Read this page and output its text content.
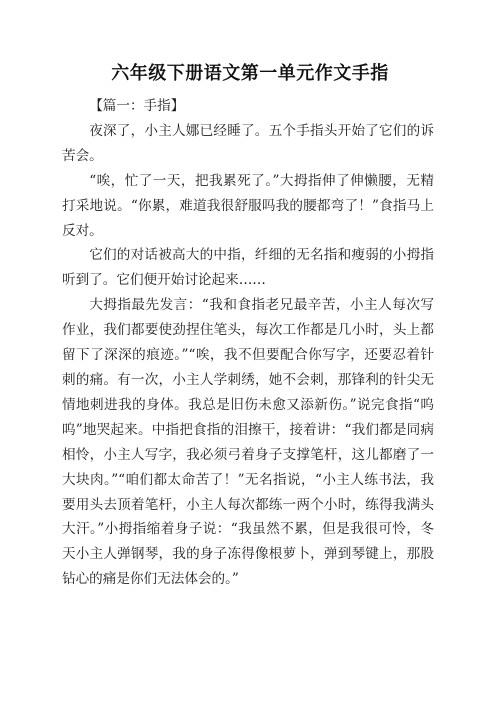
六年级下册语文第一单元作文手指

【篇一：手指】

夜深了，小主人娜已经睡了。五个手指头开始了它们的诉苦会。

“唉，忙了一天，把我累死了。”大拇指伸了伸懒腰，无精打采地说。“你累，难道我很舒服吗我的腰都弯了！”食指马上反对。

它们的对话被高大的中指，纤细的无名指和瘦弱的小拇指听到了。它们便开始讨论起来……

大拇指最先发言：“我和食指老兄最辛苦，小主人每次写作业，我们都要使劲捏住笔头，每次工作都是几小时，头上都留下了深深的痕迹。”“唉，我不但要配合你写字，还要忍着针刺的痛。有一次，小主人学刺绣，她不会刺，那锋利的针尖无情地刺进我的身体。我总是旧伤未愈又添新伤。”说完食指“呜呜”地哭起来。中指把食指的泪擦干，接着讲：“我们都是同病相怜，小主人写字，我必须弓着身子支撑笔杆，这儿都磨了一大块肉。”“咱们都太命苦了！”无名指说，“小主人练书法，我要用头去顶着笔杆，小主人每次都练一两个小时，练得我满头大汗。”小拇指缩着身子说：“我虽然不累，但是我很可怜，冬天小主人弹钢琴，我的身子冻得像根萝卜，弹到琴键上，那股钻心的痛是你们无法体会的。”
